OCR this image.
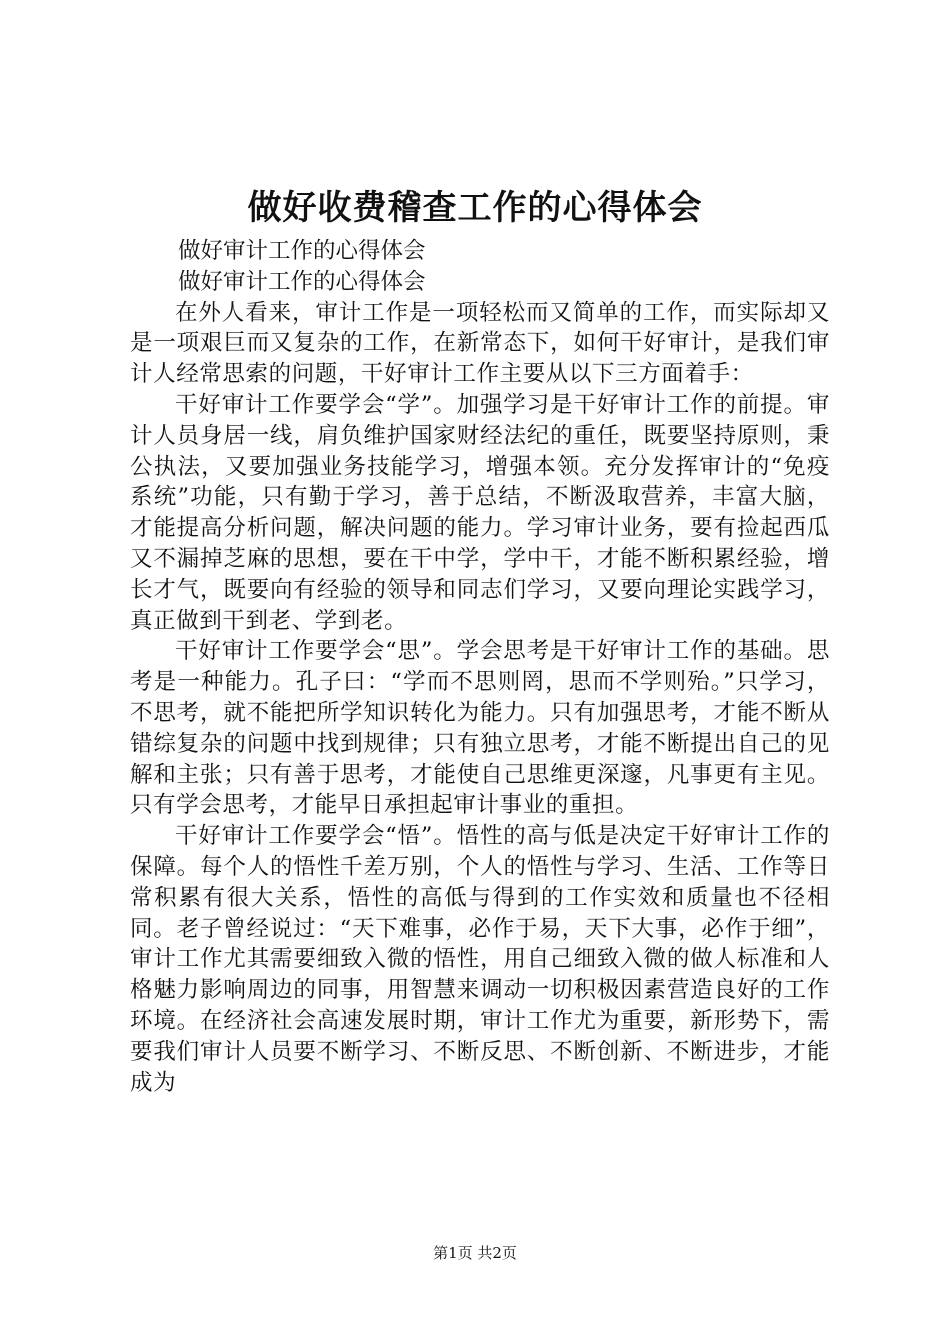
做好收费稽查工作的心得体会

做好审计工作的心得体会

做好审计工作的心得体会

在外人看来，审计工作是一项轻松而又简单的工作，而实际却又是一项艰巨而又复杂的工作，在新常态下，如何干好审计，是我们审计人经常思索的问题，干好审计工作主要从以下三方面着手：

干好审计工作要学会“学”。加强学习是干好审计工作的前提。审计人员身居一线，肩负维护国家财经法纪的重任，既要坚持原则，秉公执法，又要加强业务技能学习，增强本领。充分发挥审计的“免疫系统”功能，只有勤于学习，善于总结，不断汲取营养，丰富大脑，才能提高分析问题，解决问题的能力。学习审计业务，要有捡起西瓜又不漏掉芝麻的思想，要在干中学，学中干，才能不断积累经验，增长才气，既要向有经验的领导和同志们学习，又要向理论实践学习，真正做到干到老、学到老。

干好审计工作要学会“思”。学会思考是干好审计工作的基础。思考是一种能力。孔子曰：“学而不思则罔，思而不学则殆。”只学习，不思考，就不能把所学知识转化为能力。只有加强思考，才能不断从错综复杂的问题中找到规律；只有独立思考，才能不断提出自己的见解和主张；只有善于思考，才能使自己思维更深邃，凡事更有主见。只有学会思考，才能早日承担起审计事业的重担。

干好审计工作要学会“悟”。悟性的高与低是决定干好审计工作的保障。每个人的悟性千差万别，个人的悟性与学习、生活、工作等日常积累有很大关系，悟性的高低与得到的工作实效和质量也不径相同。老子曾经说过：“天下难事，必作于易，天下大事，必作于细”，审计工作尤其需要细致入微的悟性，用自己细致入微的做人标准和人格魅力影响周边的同事，用智慧来调动一切积极因素营造良好的工作环境。在经济社会高速发展时期，审计工作尤为重要，新形势下，需要我们审计人员要不断学习、不断反思、不断创新、不断进步，才能成为

第1页 共2页
